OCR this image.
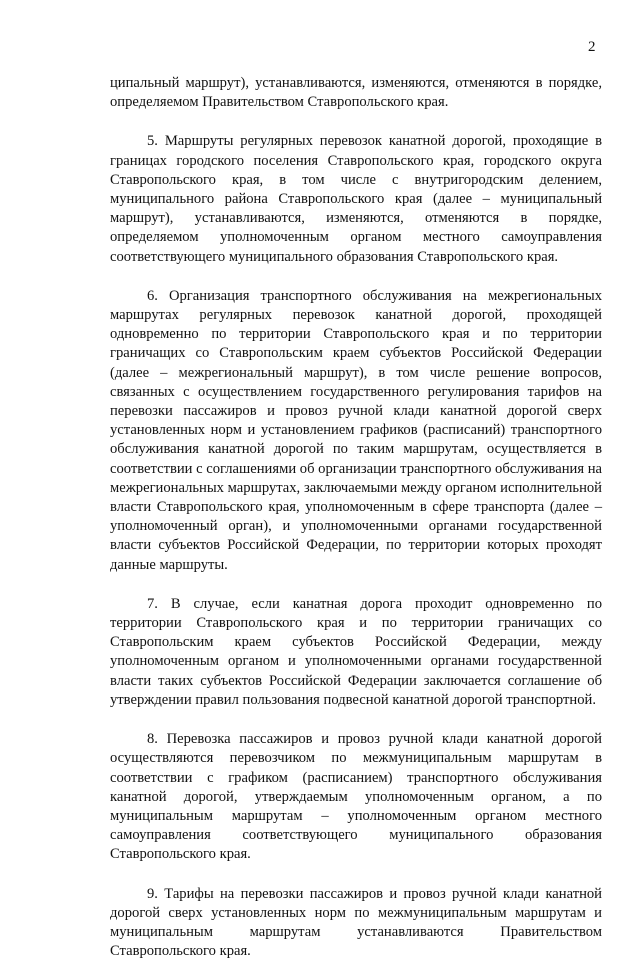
2

ципальный маршрут), устанавливаются, изменяются, отменяются в порядке, определяемом Правительством Ставропольского края.

5. Маршруты регулярных перевозок канатной дорогой, проходящие в границах городского поселения Ставропольского края, городского округа Ставропольского края, в том числе с внутригородским делением, муниципального района Ставропольского края (далее – муниципальный маршрут), устанавливаются, изменяются, отменяются в порядке, определяемом уполномоченным органом местного самоуправления соответствующего муниципального образования Ставропольского края.

6. Организация транспортного обслуживания на межрегиональных маршрутах регулярных перевозок канатной дорогой, проходящей одновременно по территории Ставропольского края и по территории граничащих со Ставропольским краем субъектов Российской Федерации (далее – межрегиональный маршрут), в том числе решение вопросов, связанных с осуществлением государственного регулирования тарифов на перевозки пассажиров и провоз ручной клади канатной дорогой сверх установленных норм и установлением графиков (расписаний) транспортного обслуживания канатной дорогой по таким маршрутам, осуществляется в соответствии с соглашениями об организации транспортного обслуживания на межрегиональных маршрутах, заключаемыми между органом исполнительной власти Ставропольского края, уполномоченным в сфере транспорта (далее – уполномоченный орган), и уполномоченными органами государственной власти субъектов Российской Федерации, по территории которых проходят данные маршруты.

7. В случае, если канатная дорога проходит одновременно по территории Ставропольского края и по территории граничащих со Ставропольским краем субъектов Российской Федерации, между уполномоченным органом и уполномоченными органами государственной власти таких субъектов Российской Федерации заключается соглашение об утверждении правил пользования подвесной канатной дорогой транспортной.

8. Перевозка пассажиров и провоз ручной клади канатной дорогой осуществляются перевозчиком по межмуниципальным маршрутам в соответствии с графиком (расписанием) транспортного обслуживания канатной дорогой, утверждаемым уполномоченным органом, а по муниципальным маршрутам – уполномоченным органом местного самоуправления соответствующего муниципального образования Ставропольского края.

9. Тарифы на перевозки пассажиров и провоз ручной клади канатной дорогой сверх установленных норм по межмуниципальным маршрутам и муниципальным маршрутам устанавливаются Правительством Ставропольского края.
